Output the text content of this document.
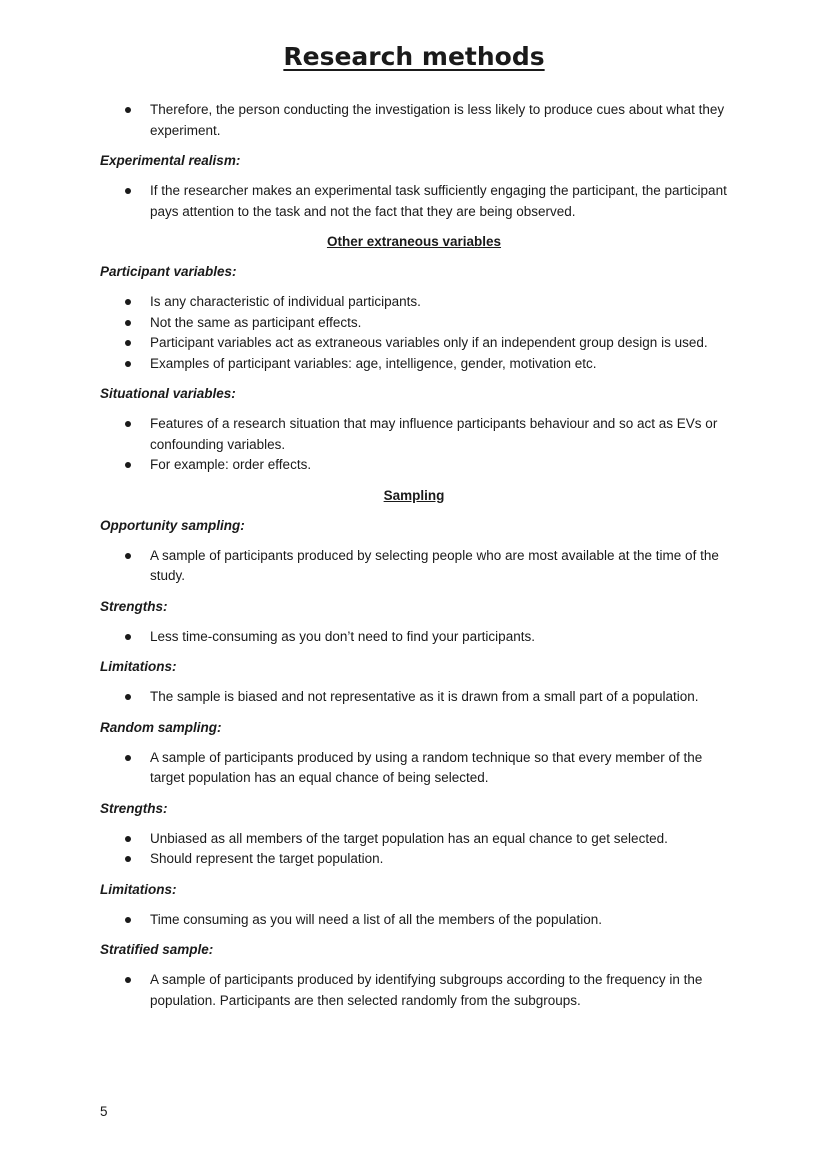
Research methods
Therefore, the person conducting the investigation is less likely to produce cues about what they experiment.
Experimental realism:
If the researcher makes an experimental task sufficiently engaging the participant, the participant pays attention to the task and not the fact that they are being observed.
Other extraneous variables
Participant variables:
Is any characteristic of individual participants.
Not the same as participant effects.
Participant variables act as extraneous variables only if an independent group design is used.
Examples of participant variables: age, intelligence, gender, motivation etc.
Situational variables:
Features of a research situation that may influence participants behaviour and so act as EVs or confounding variables.
For example: order effects.
Sampling
Opportunity sampling:
A sample of participants produced by selecting people who are most available at the time of the study.
Strengths:
Less time-consuming as you don’t need to find your participants.
Limitations:
The sample is biased and not representative as it is drawn from a small part of a population.
Random sampling:
A sample of participants produced by using a random technique so that every member of the target population has an equal chance of being selected.
Strengths:
Unbiased as all members of the target population has an equal chance to get selected.
Should represent the target population.
Limitations:
Time consuming as you will need a list of all the members of the population.
Stratified sample:
A sample of participants produced by identifying subgroups according to the frequency in the population. Participants are then selected randomly from the subgroups.
5
